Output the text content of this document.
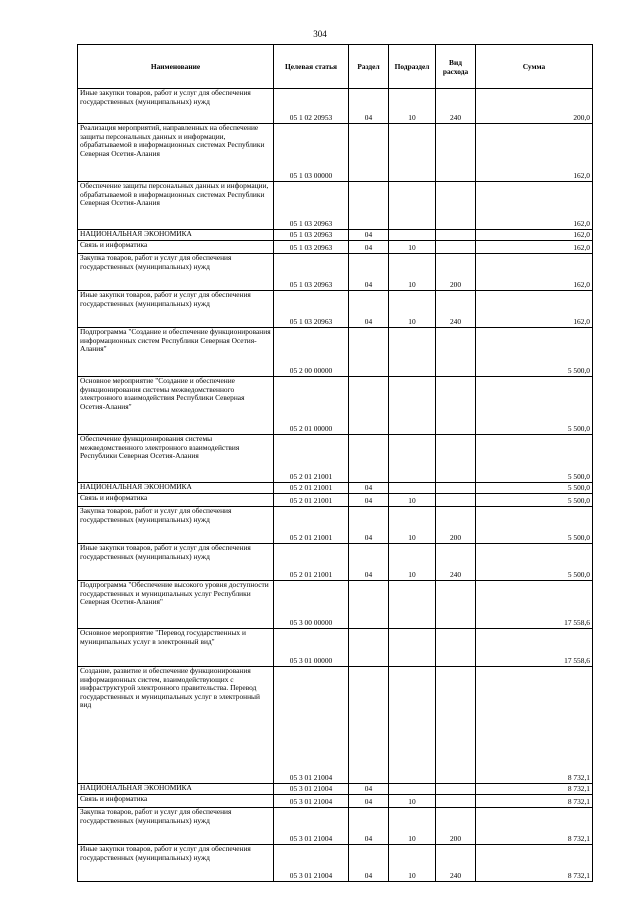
304
Наименование	Целевая статья	Раздел	Подраздел	Вид расхода	Сумма
Иные закупки товаров, работ и услуг для обеспечения государственных (муниципальных) нужд	05 1 02 20953	04	10	240	200,0
Реализация мероприятий, направленных на обеспечение защиты персональных данных и информации, обрабатываемой в информационных системах Республики Северная Осетия-Алания	05 1 03 00000				162,0
Обеспечение защиты персональных данных и информации, обрабатываемой в информационных системах Республики Северная Осетия-Алания	05 1 03 20963				162,0
НАЦИОНАЛЬНАЯ ЭКОНОМИКА	05 1 03 20963	04			162,0
Связь и информатика	05 1 03 20963	04	10		162,0
Закупка товаров, работ и услуг для обеспечения государственных (муниципальных) нужд	05 1 03 20963	04	10	200	162,0
Иные закупки товаров, работ и услуг для обеспечения государственных (муниципальных) нужд	05 1 03 20963	04	10	240	162,0
Подпрограмма "Создание и обеспечение функционирования информационных систем Республики Северная Осетия-Алания"	05 2 00 00000				5 500,0
Основное мероприятие "Создание и обеспечение функционирования системы межведомственного электронного взаимодействия Республики Северная Осетия-Алания"	05 2 01 00000				5 500,0
Обеспечение функционирования системы межведомственного электронного взаимодействия Республики Северная Осетия-Алания	05 2 01 21001				5 500,0
НАЦИОНАЛЬНАЯ ЭКОНОМИКА	05 2 01 21001	04			5 500,0
Связь и информатика	05 2 01 21001	04	10		5 500,0
Закупка товаров, работ и услуг для обеспечения государственных (муниципальных) нужд	05 2 01 21001	04	10	200	5 500,0
Иные закупки товаров, работ и услуг для обеспечения государственных (муниципальных) нужд	05 2 01 21001	04	10	240	5 500,0
Подпрограмма "Обеспечение высокого уровня доступности государственных и муниципальных услуг Республики Северная Осетия-Алания"	05 3 00 00000				17 558,6
Основное мероприятие "Перевод государственных и муниципальных услуг в электронный вид"	05 3 01 00000				17 558,6
Создание, развитие и обеспечение функционирования информационных систем, взаимодействующих с инфраструктурой электронного правительства. Перевод государственных и муниципальных услуг в электронный вид	05 3 01 21004				8 732,1
НАЦИОНАЛЬНАЯ ЭКОНОМИКА	05 3 01 21004	04			8 732,1
Связь и информатика	05 3 01 21004	04	10		8 732,1
Закупка товаров, работ и услуг для обеспечения государственных (муниципальных) нужд	05 3 01 21004	04	10	200	8 732,1
Иные закупки товаров, работ и услуг для обеспечения государственных (муниципальных) нужд	05 3 01 21004	04	10	240	8 732,1
